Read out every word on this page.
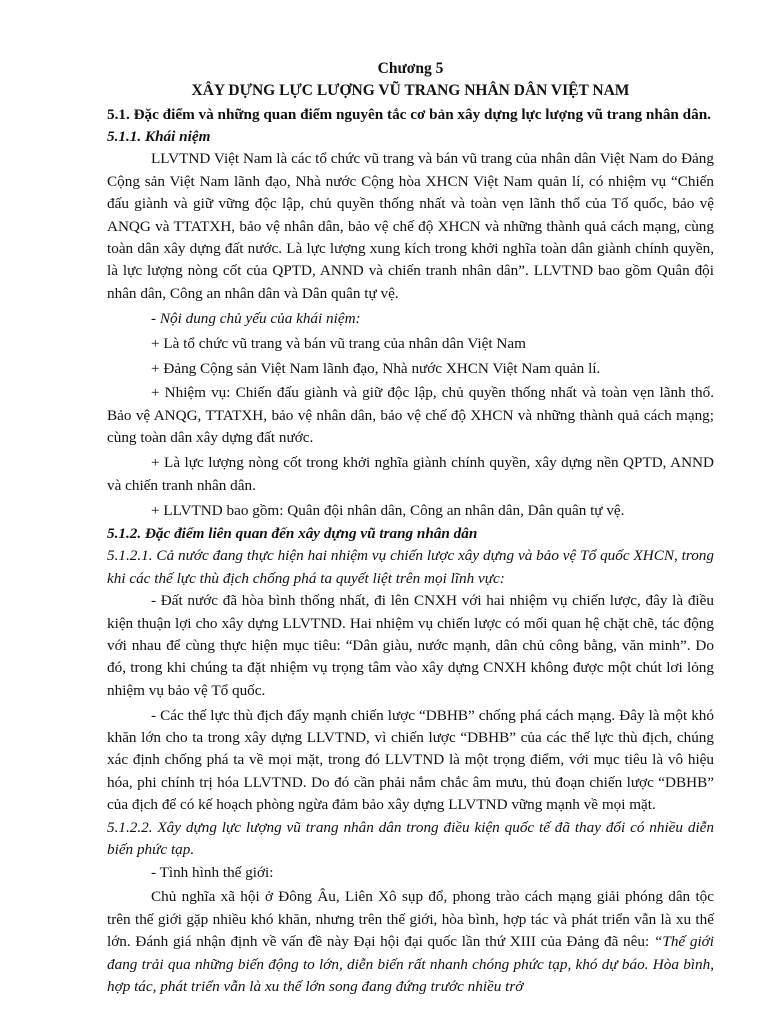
Chương 5

XÂY DỰNG LỰC LƯỢNG VŨ TRANG NHÂN DÂN VIỆT NAM

5.1. Đặc điểm và những quan điểm nguyên tắc cơ bản xây dựng lực lượng vũ trang nhân dân.

5.1.1. Khái niệm

LLVTND Việt Nam là các tổ chức vũ trang và bán vũ trang của nhân dân Việt Nam do Đảng Cộng sản Việt Nam lãnh đạo, Nhà nước Cộng hòa XHCN Việt Nam quản lí, có nhiệm vụ “Chiến đấu giành và giữ vững độc lập, chủ quyền thống nhất và toàn vẹn lãnh thổ của Tổ quốc, bảo vệ ANQG và TTATXH, bảo vệ nhân dân, bảo vệ chế độ XHCN và những thành quả cách mạng, cùng toàn dân xây dựng đất nước. Là lực lượng xung kích trong khởi nghĩa toàn dân giành chính quyền, là lực lượng nòng cốt của QPTD, ANND và chiến tranh nhân dân”. LLVTND bao gồm Quân đội nhân dân, Công an nhân dân và Dân quân tự vệ.

- Nội dung chủ yếu của khái niệm:

+ Là tổ chức vũ trang và bán vũ trang của nhân dân Việt Nam

+ Đảng Cộng sản Việt Nam lãnh đạo, Nhà nước XHCN Việt Nam quản lí.

+ Nhiệm vụ: Chiến đấu giành và giữ độc lập, chủ quyền thống nhất và toàn vẹn lãnh thổ. Bảo vệ ANQG, TTATXH, bảo vệ nhân dân, bảo vệ chế độ XHCN và những thành quả cách mạng; cùng toàn dân xây dựng đất nước.

+ Là lực lượng nòng cốt trong khởi nghĩa giành chính quyền, xây dựng nền QPTD, ANND và chiến tranh nhân dân.

+ LLVTND bao gồm: Quân đội nhân dân, Công an nhân dân, Dân quân tự vệ.

5.1.2. Đặc điểm liên quan đến xây dựng vũ trang nhân dân

5.1.2.1. Cả nước đang thực hiện hai nhiệm vụ chiến lược xây dựng và bảo vệ Tổ quốc XHCN, trong khi các thế lực thù địch chống phá ta quyết liệt trên mọi lĩnh vực:

- Đất nước đã hòa bình thống nhất, đi lên CNXH với hai nhiệm vụ chiến lược, đây là điều kiện thuận lợi cho xây dựng LLVTND. Hai nhiệm vụ chiến lược có mối quan hệ chặt chẽ, tác động với nhau để cùng thực hiện mục tiêu: “Dân giàu, nước mạnh, dân chủ công bằng, văn minh”. Do đó, trong khi chúng ta đặt nhiệm vụ trọng tâm vào xây dựng CNXH không được một chút lơi lỏng nhiệm vụ bảo vệ Tổ quốc.

- Các thế lực thù địch đẩy mạnh chiến lược “DBHB” chống phá cách mạng. Đây là một khó khăn lớn cho ta trong xây dựng LLVTND, vì chiến lược “DBHB” của các thế lực thù địch, chúng xác định chống phá ta về mọi mặt, trong đó LLVTND là một trọng điểm, với mục tiêu là vô hiệu hóa, phi chính trị hóa LLVTND. Do đó cần phải nắm chắc âm mưu, thủ đoạn chiến lược “DBHB” của địch để có kế hoạch phòng ngừa đảm bảo xây dựng LLVTND vững mạnh về mọi mặt.

5.1.2.2. Xây dựng lực lượng vũ trang nhân dân trong điều kiện quốc tế đã thay đổi có nhiều diễn biến phức tạp.

- Tình hình thế giới:

Chủ nghĩa xã hội ở Đông Âu, Liên Xô sụp đổ, phong trào cách mạng giải phóng dân tộc trên thế giới gặp nhiều khó khăn, nhưng trên thế giới, hòa bình, hợp tác và phát triển vẫn là xu thế lớn. Đánh giá nhận định về vấn đề này Đại hội đại quốc lần thứ XIII của Đảng đã nêu: “Thế giới đang trải qua những biến động to lớn, diễn biến rất nhanh chóng phức tạp, khó dự báo. Hòa bình, hợp tác, phát triển vẫn là xu thế lớn song đang đứng trước nhiều trở
